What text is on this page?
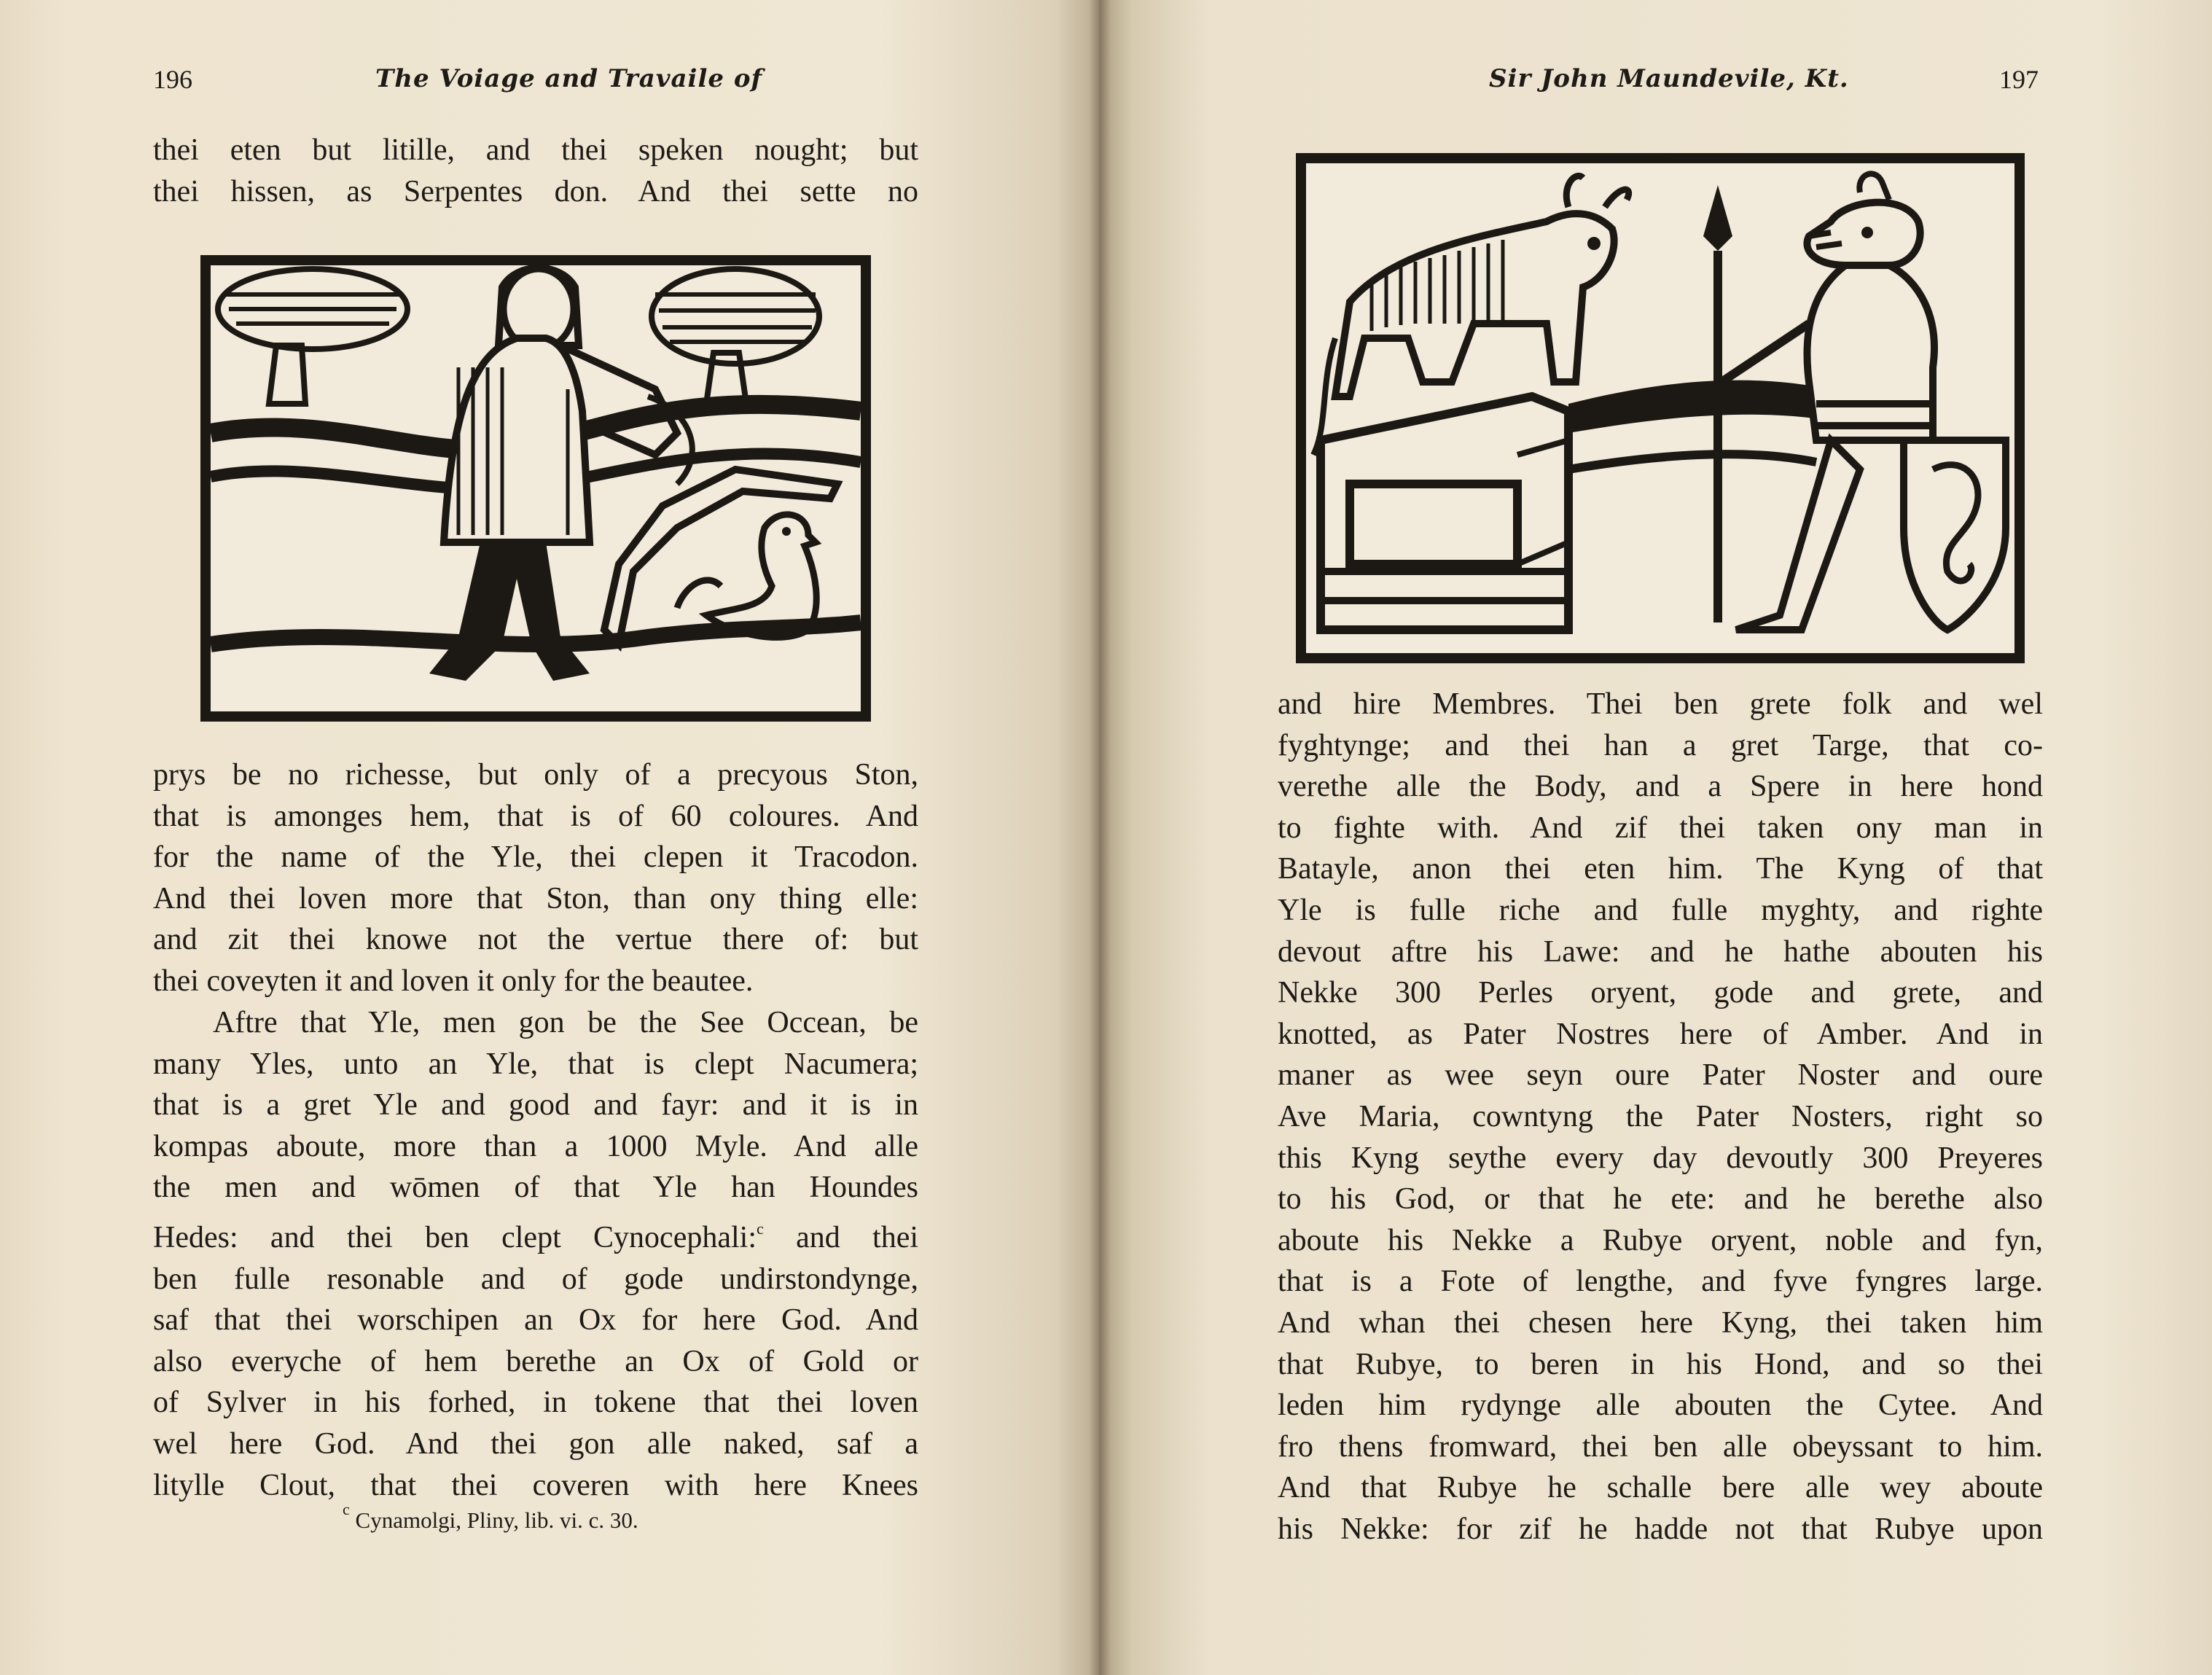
196	The Voiage and Travaile of
thei eten but litille, and thei speken nought; but
thei hissen, as Serpentes don. And thei sette no
prys be no richesse, but only of a precyous Ston,
that is amonges hem, that is of 60 coloures. And
for the name of the Yle, thei clepen it Tracodon.
And thei loven more that Ston, than ony thing elle:
and zit thei knowe not the vertue there of: but
thei coveyten it and loven it only for the beautee.
Aftre that Yle, men gon be the See Occean, be
many Yles, unto an Yle, that is clept Nacumera;
that is a gret Yle and good and fayr: and it is in
kompas aboute, more than a 1000 Myle. And alle
the men and wōmen of that Yle han Houndes
Hedes: and thei ben clept Cynocephali:$^c$ and thei
ben fulle resonable and of gode undirstondynge,
saf that thei worschipen an Ox for here God. And
also everyche of hem berethe an Ox of Gold or
of Sylver in his forhed, in tokene that thei loven
wel here God. And thei gon alle naked, saf a
litylle Clout, that thei coveren with here Knees
$^c$ Cynamolgi, Pliny, lib. vi. c. 30.
Sir John Maundevile, Kt.	197
and hire Membres. Thei ben grete folk and wel
fyghtynge; and thei han a gret Targe, that co-
verethe alle the Body, and a Spere in here hond
to fighte with. And zif thei taken ony man in
Batayle, anon thei eten him. The Kyng of that
Yle is fulle riche and fulle myghty, and righte
devout aftre his Lawe: and he hathe abouten his
Nekke 300 Perles oryent, gode and grete, and
knotted, as Pater Nostres here of Amber. And in
maner as wee seyn oure Pater Noster and oure
Ave Maria, cowntyng the Pater Nosters, right so
this Kyng seythe every day devoutly 300 Preyeres
to his God, or that he ete: and he berethe also
aboute his Nekke a Rubye oryent, noble and fyn,
that is a Fote of lengthe, and fyve fyngres large.
And whan thei chesen here Kyng, thei taken him
that Rubye, to beren in his Hond, and so thei
leden him rydynge alle abouten the Cytee. And
fro thens fromward, thei ben alle obeyssant to him.
And that Rubye he schalle bere alle wey aboute
his Nekke: for zif he hadde not that Rubye upon
